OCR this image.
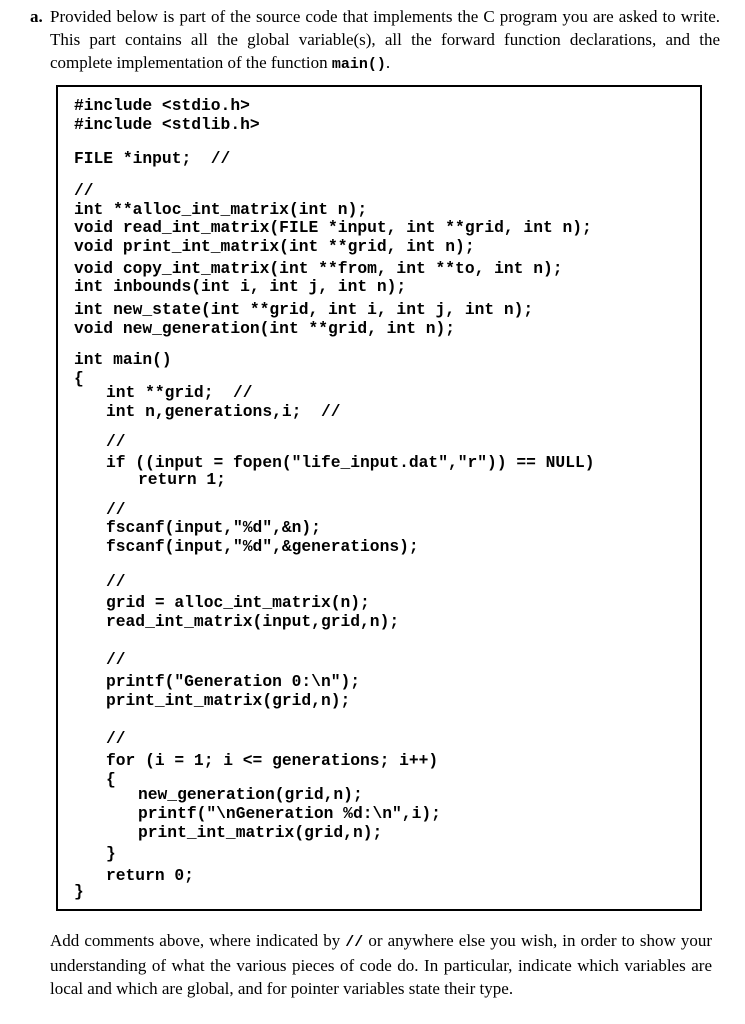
a. Provided below is part of the source code that implements the C program you are asked to write. This part contains all the global variable(s), all the forward function declarations, and the complete implementation of the function main().
#include <stdio.h>
#include <stdlib.h>
FILE *input;  //
//
int **alloc_int_matrix(int n);
void read_int_matrix(FILE *input, int **grid, int n);
void print_int_matrix(int **grid, int n);
void copy_int_matrix(int **from, int **to, int n);
int inbounds(int i, int j, int n);
int new_state(int **grid, int i, int j, int n);
void new_generation(int **grid, int n);
int main()
{
int **grid;  //
int n,generations,i;  //
//
if ((input = fopen("life_input.dat","r")) == NULL)
return 1;
//
fscanf(input,"%d",&n);
fscanf(input,"%d",&generations);
//
grid = alloc_int_matrix(n);
read_int_matrix(input,grid,n);
//
printf("Generation 0:\n");
print_int_matrix(grid,n);
//
for (i = 1; i <= generations; i++)
{
new_generation(grid,n);
printf("\nGeneration %d:\n",i);
print_int_matrix(grid,n);
}
return 0;
}
Add comments above, where indicated by // or anywhere else you wish, in order to show your understanding of what the various pieces of code do. In particular, indicate which variables are local and which are global, and for pointer variables state their type.
